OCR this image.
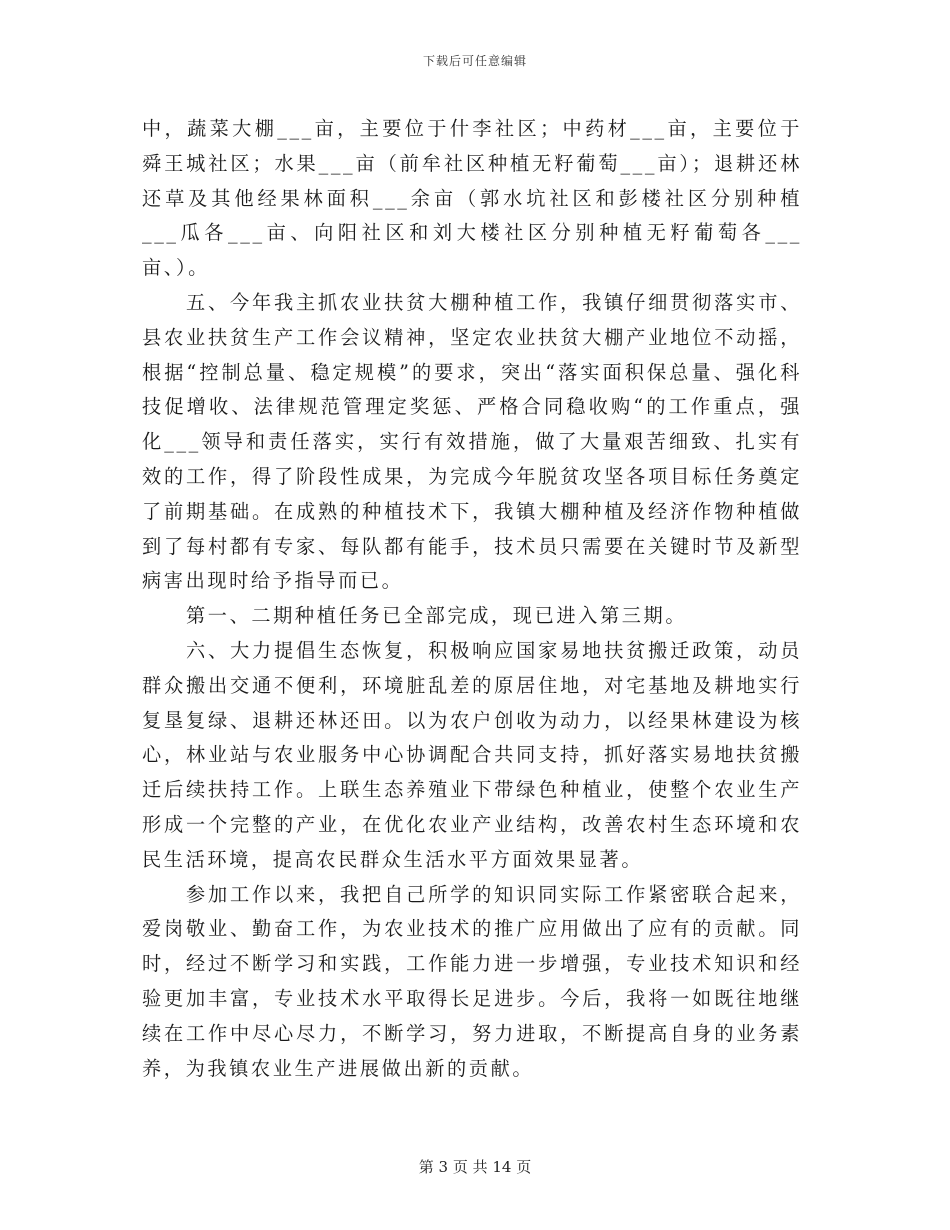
下载后可任意编辑

中，蔬菜大棚___亩，主要位于什李社区；中药材___亩，主要位于舜王城社区；水果___亩（前牟社区种植无籽葡萄___亩）；退耕还林还草及其他经果林面积___余亩（郭水坑社区和彭楼社区分别种植___瓜各___亩、向阳社区和刘大楼社区分别种植无籽葡萄各___亩、）。

五、今年我主抓农业扶贫大棚种植工作，我镇仔细贯彻落实市、县农业扶贫生产工作会议精神，坚定农业扶贫大棚产业地位不动摇，根据“控制总量、稳定规模”的要求，突出“落实面积保总量、强化科技促增收、法律规范管理定奖惩、严格合同稳收购“的工作重点，强化___领导和责任落实，实行有效措施，做了大量艰苦细致、扎实有效的工作，得了阶段性成果，为完成今年脱贫攻坚各项目标任务奠定了前期基础。在成熟的种植技术下，我镇大棚种植及经济作物种植做到了每村都有专家、每队都有能手，技术员只需要在关键时节及新型病害出现时给予指导而已。

第一、二期种植任务已全部完成，现已进入第三期。

六、大力提倡生态恢复，积极响应国家易地扶贫搬迁政策，动员群众搬出交通不便利，环境脏乱差的原居住地，对宅基地及耕地实行复垦复绿、退耕还林还田。以为农户创收为动力，以经果林建设为核心，林业站与农业服务中心协调配合共同支持，抓好落实易地扶贫搬迁后续扶持工作。上联生态养殖业下带绿色种植业，使整个农业生产形成一个完整的产业，在优化农业产业结构，改善农村生态环境和农民生活环境，提高农民群众生活水平方面效果显著。

参加工作以来，我把自己所学的知识同实际工作紧密联合起来，爱岗敬业、勤奋工作，为农业技术的推广应用做出了应有的贡献。同时，经过不断学习和实践，工作能力进一步增强，专业技术知识和经验更加丰富，专业技术水平取得长足进步。今后，我将一如既往地继续在工作中尽心尽力，不断学习，努力进取，不断提高自身的业务素养，为我镇农业生产进展做出新的贡献。

第 3 页 共 14 页
